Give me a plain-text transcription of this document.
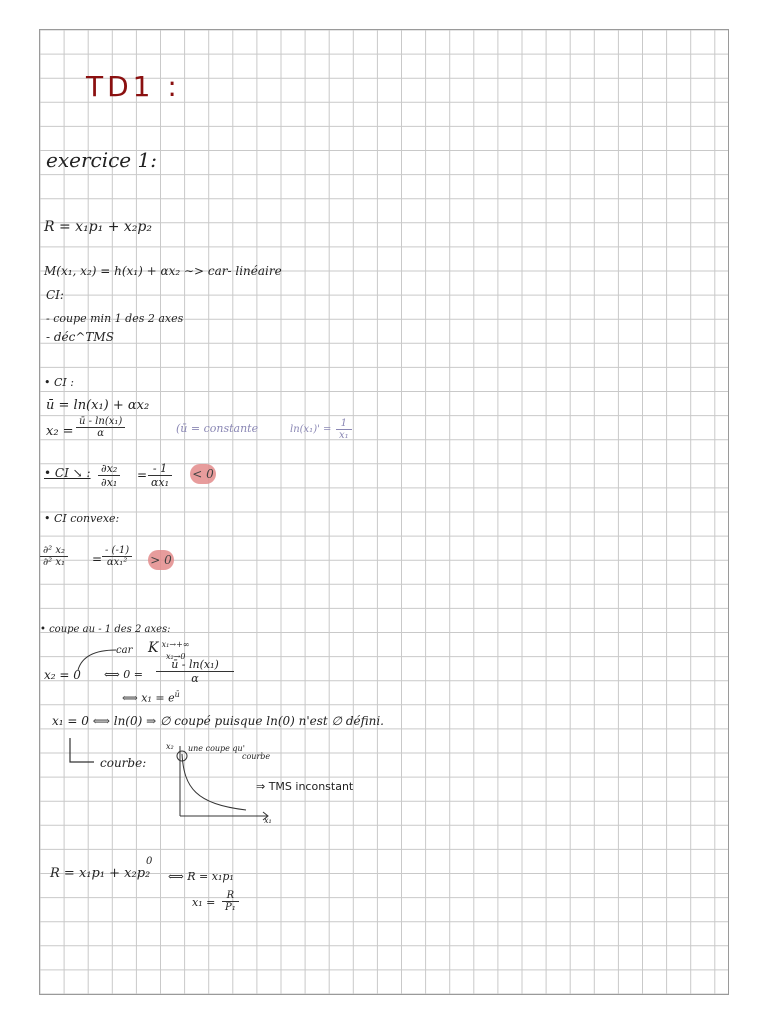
TD1 :
exercice 1:
R = x₁p₁ + x₂p₂
M(x₁, x₂) = h(x₁) + αx₂ ∼> car- linéaire
CI:
- coupe min 1 des 2 axes
- déc^TMS
• CI :
ū = ln(x₁) + αx₂
$x_2 = \frac{\text{ū - ln(x₁)}}{\alpha}$	(ū = constante	$\ln(x_1)' = \frac{1}{\text{x₁}}$
• CI ↘ : $\frac{\text{∂x₂}}{\text{∂x₁}} = \frac{- 1}{\text{αx₁}} < 0$
• CI convexe:
$\frac{\text{∂² x₂}}{\text{∂² x₁}} = \frac{- (-1)}{\text{αx₁²}} > 0$
• coupe au - 1 des 2 axes:
car K $^{x_1\to+\infty}$
x₂→0
x₂ = 0 ⟺ $0 = \frac{\text{ū - ln(x₁)}}{\alpha}$
⟺ $x_1 = e^ū$
x₁ = 0 ⟺ ln(0) ⇒ ∅ coupé puisque ln(0) n'est ∅ défini.
courbe:
x₂ une coupe qu'
courbe
x₁
⇒ TMS inconstant
R = x₁p₁ + x₂p₂
0
⟺ R = x₁p₁
$x_1 = \frac{R}{\text{P₁}}$
